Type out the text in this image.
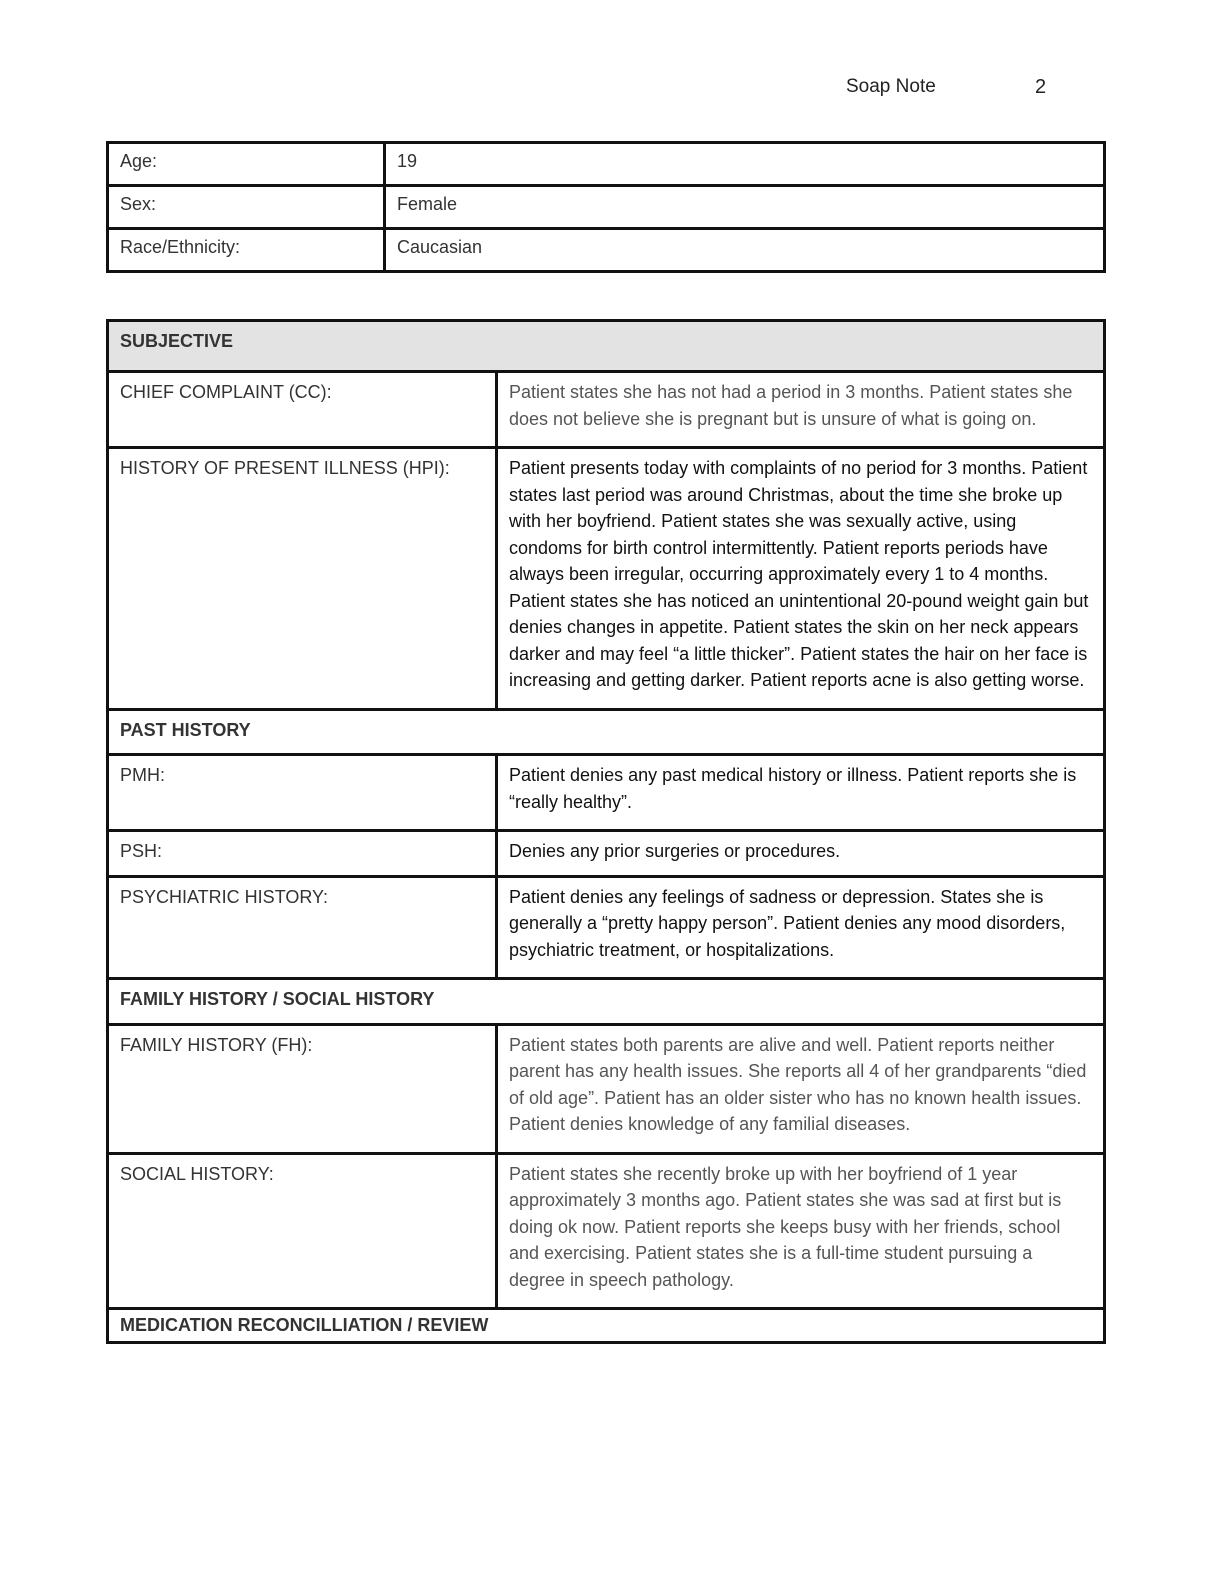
Soap Note	2
Age:	19
Sex:	Female
Race/Ethnicity:	Caucasian
SUBJECTIVE	
CHIEF COMPLAINT (CC):	Patient states she has not had a period in 3 months. Patient states she does not believe she is pregnant but is unsure of what is going on.
HISTORY OF PRESENT ILLNESS (HPI):	Patient presents today with complaints of no period for 3 months. Patient states last period was around Christmas, about the time she broke up with her boyfriend. Patient states she was sexually active, using condoms for birth control intermittently. Patient reports periods have always been irregular, occurring approximately every 1 to 4 months. Patient states she has noticed an unintentional 20-pound weight gain but denies changes in appetite. Patient states the skin on her neck appears darker and may feel “a little thicker”. Patient states the hair on her face is increasing and getting darker. Patient reports acne is also getting worse.
PAST HISTORY	
PMH:	Patient denies any past medical history or illness. Patient reports she is “really healthy”.
PSH:	Denies any prior surgeries or procedures.
PSYCHIATRIC HISTORY:	Patient denies any feelings of sadness or depression. States she is generally a “pretty happy person”. Patient denies any mood disorders, psychiatric treatment, or hospitalizations.
FAMILY HISTORY / SOCIAL HISTORY	
FAMILY HISTORY (FH):	Patient states both parents are alive and well. Patient reports neither parent has any health issues. She reports all 4 of her grandparents “died of old age”. Patient has an older sister who has no known health issues. Patient denies knowledge of any familial diseases.
SOCIAL HISTORY:	Patient states she recently broke up with her boyfriend of 1 year approximately 3 months ago. Patient states she was sad at first but is doing ok now. Patient reports she keeps busy with her friends, school and exercising. Patient states she is a full-time student pursuing a degree in speech pathology.
MEDICATION RECONCILLIATION / REVIEW	
